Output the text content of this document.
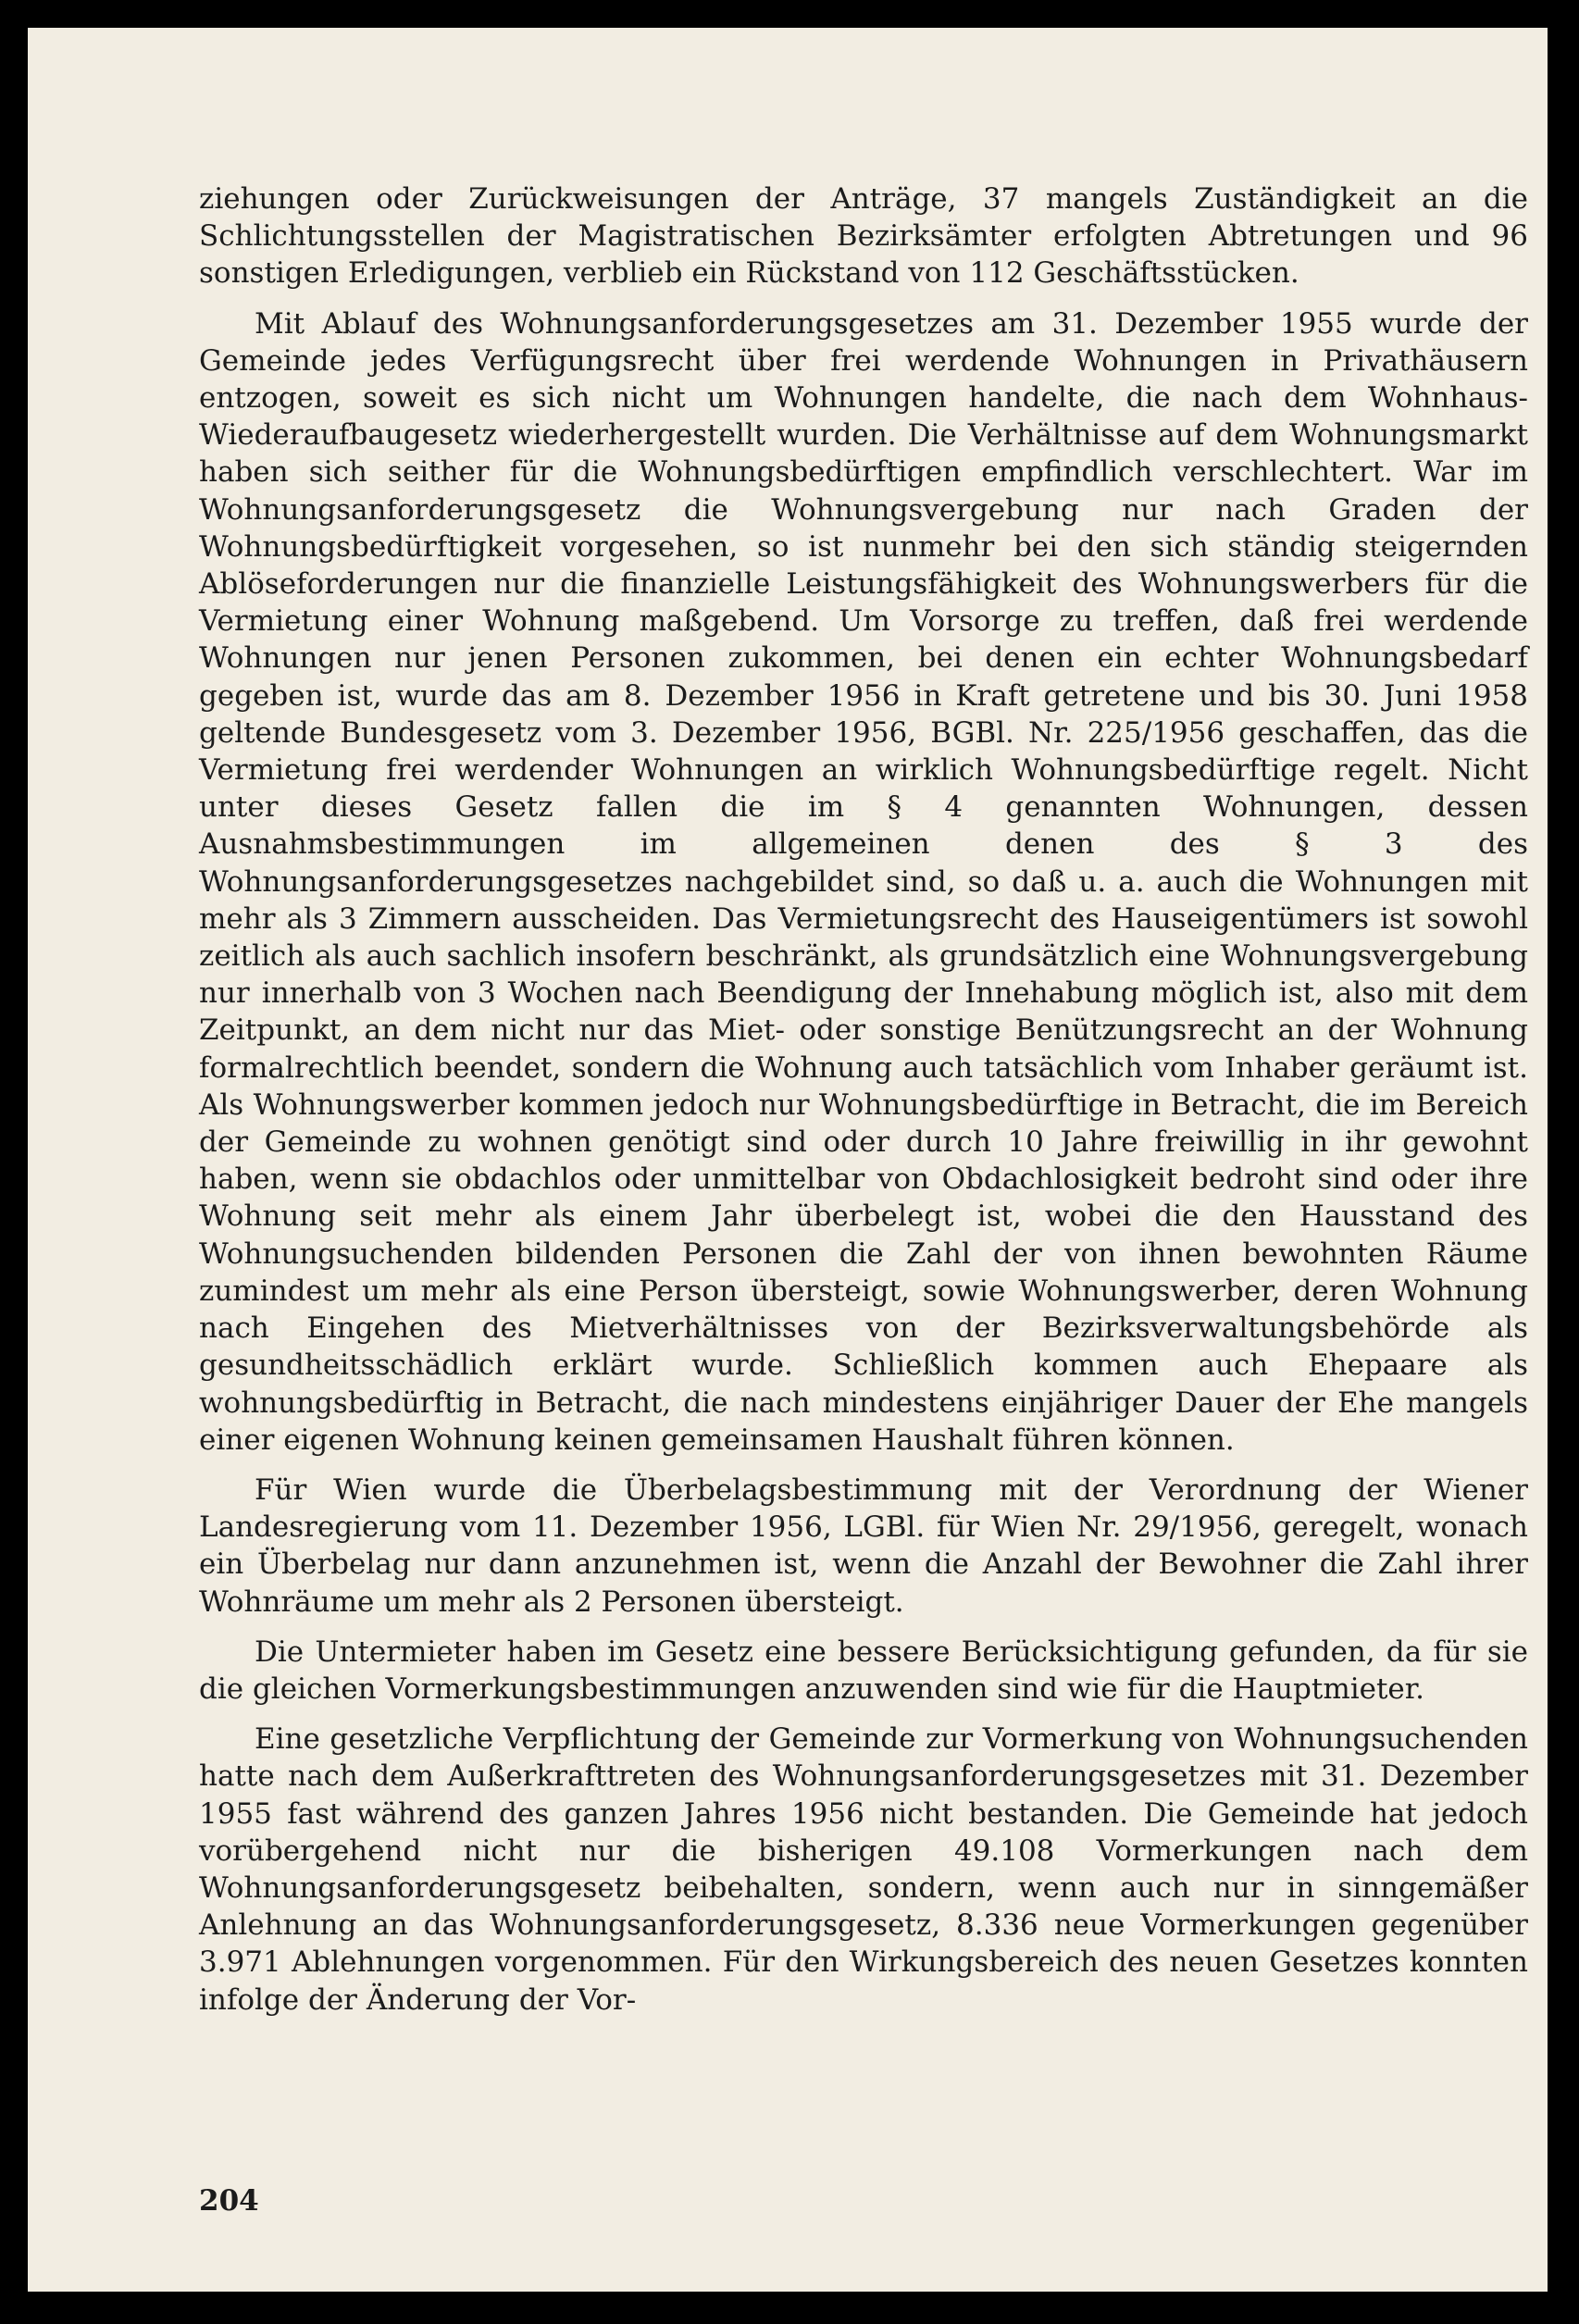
ziehungen oder Zurückweisungen der Anträge, 37 mangels Zuständigkeit an die Schlichtungsstellen der Magistratischen Bezirksämter erfolgten Abtretungen und 96 sonstigen Erledigungen, verblieb ein Rückstand von 112 Geschäftsstücken.

Mit Ablauf des Wohnungsanforderungsgesetzes am 31. Dezember 1955 wurde der Gemeinde jedes Verfügungsrecht über frei werdende Wohnungen in Privathäusern entzogen, soweit es sich nicht um Wohnungen handelte, die nach dem Wohnhaus-Wiederaufbaugesetz wiederhergestellt wurden. Die Verhältnisse auf dem Wohnungsmarkt haben sich seither für die Wohnungsbedürftigen empfindlich verschlechtert. War im Wohnungsanforderungsgesetz die Wohnungsvergebung nur nach Graden der Wohnungsbedürftigkeit vorgesehen, so ist nunmehr bei den sich ständig steigernden Ablöseforderungen nur die finanzielle Leistungsfähigkeit des Wohnungswerbers für die Vermietung einer Wohnung maßgebend. Um Vorsorge zu treffen, daß frei werdende Wohnungen nur jenen Personen zukommen, bei denen ein echter Wohnungsbedarf gegeben ist, wurde das am 8. Dezember 1956 in Kraft getretene und bis 30. Juni 1958 geltende Bundesgesetz vom 3. Dezember 1956, BGBl. Nr. 225/1956 geschaffen, das die Vermietung frei werdender Wohnungen an wirklich Wohnungsbedürftige regelt. Nicht unter dieses Gesetz fallen die im § 4 genannten Wohnungen, dessen Ausnahmsbestimmungen im allgemeinen denen des § 3 des Wohnungsanforderungsgesetzes nachgebildet sind, so daß u. a. auch die Wohnungen mit mehr als 3 Zimmern ausscheiden. Das Vermietungsrecht des Hauseigentümers ist sowohl zeitlich als auch sachlich insofern beschränkt, als grundsätzlich eine Wohnungsvergebung nur innerhalb von 3 Wochen nach Beendigung der Innehabung möglich ist, also mit dem Zeitpunkt, an dem nicht nur das Miet- oder sonstige Benützungsrecht an der Wohnung formalrechtlich beendet, sondern die Wohnung auch tatsächlich vom Inhaber geräumt ist. Als Wohnungswerber kommen jedoch nur Wohnungsbedürftige in Betracht, die im Bereich der Gemeinde zu wohnen genötigt sind oder durch 10 Jahre freiwillig in ihr gewohnt haben, wenn sie obdachlos oder unmittelbar von Obdachlosigkeit bedroht sind oder ihre Wohnung seit mehr als einem Jahr überbelegt ist, wobei die den Hausstand des Wohnungsuchenden bildenden Personen die Zahl der von ihnen bewohnten Räume zumindest um mehr als eine Person übersteigt, sowie Wohnungswerber, deren Wohnung nach Eingehen des Mietverhältnisses von der Bezirksverwaltungsbehörde als gesundheitsschädlich erklärt wurde. Schließlich kommen auch Ehepaare als wohnungsbedürftig in Betracht, die nach mindestens einjähriger Dauer der Ehe mangels einer eigenen Wohnung keinen gemeinsamen Haushalt führen können.

Für Wien wurde die Überbelagsbestimmung mit der Verordnung der Wiener Landesregierung vom 11. Dezember 1956, LGBl. für Wien Nr. 29/1956, geregelt, wonach ein Überbelag nur dann anzunehmen ist, wenn die Anzahl der Bewohner die Zahl ihrer Wohnräume um mehr als 2 Personen übersteigt.

Die Untermieter haben im Gesetz eine bessere Berücksichtigung gefunden, da für sie die gleichen Vormerkungsbestimmungen anzuwenden sind wie für die Hauptmieter.

Eine gesetzliche Verpflichtung der Gemeinde zur Vormerkung von Wohnungsuchenden hatte nach dem Außerkrafttreten des Wohnungsanforderungsgesetzes mit 31. Dezember 1955 fast während des ganzen Jahres 1956 nicht bestanden. Die Gemeinde hat jedoch vorübergehend nicht nur die bisherigen 49.108 Vormerkungen nach dem Wohnungsanforderungsgesetz beibehalten, sondern, wenn auch nur in sinngemäßer Anlehnung an das Wohnungsanforderungsgesetz, 8.336 neue Vormerkungen gegenüber 3.971 Ablehnungen vorgenommen. Für den Wirkungsbereich des neuen Gesetzes konnten infolge der Änderung der Vor-

204
